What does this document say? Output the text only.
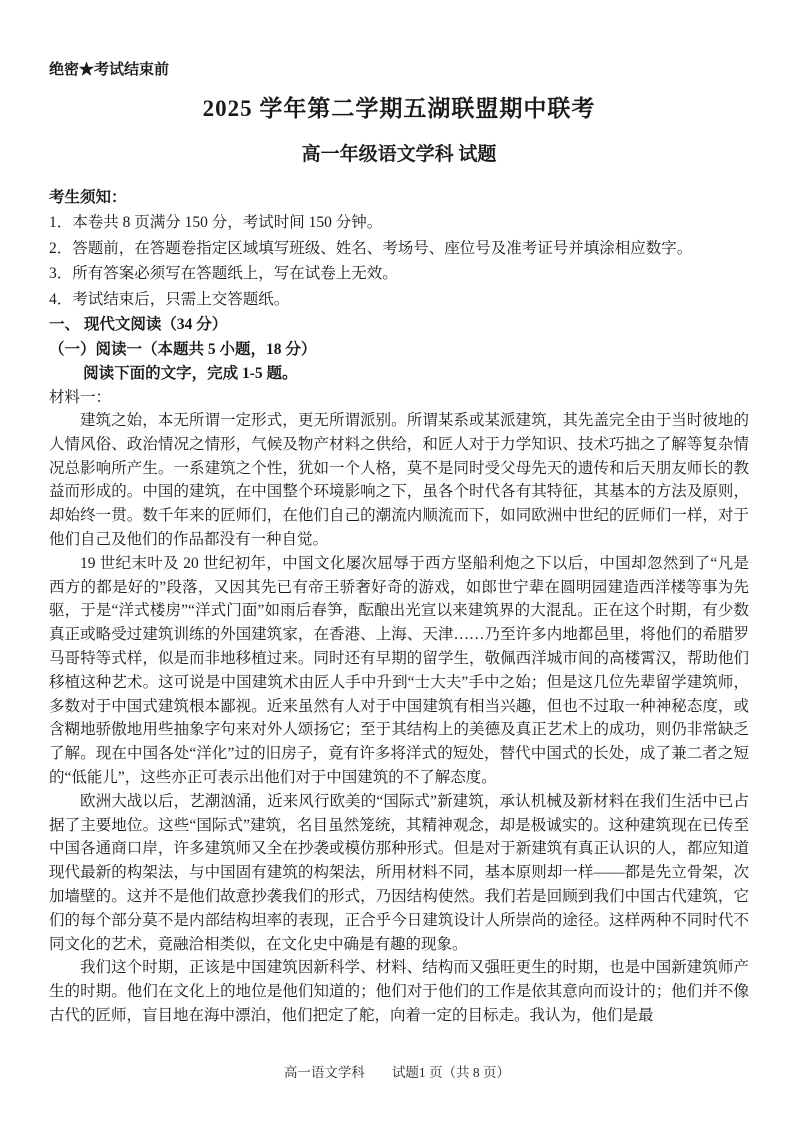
绝密★考试结束前
2025 学年第二学期五湖联盟期中联考
高一年级语文学科 试题
考生须知：
1．本卷共 8 页满分 150 分，考试时间 150 分钟。
2．答题前，在答题卷指定区域填写班级、姓名、考场号、座位号及准考证号并填涂相应数字。
3．所有答案必须写在答题纸上，写在试卷上无效。
4．考试结束后，只需上交答题纸。
一、 现代文阅读（34 分）
（一）阅读一（本题共 5 小题，18 分）
阅读下面的文字，完成 1-5 题。
材料一：

建筑之始，本无所谓一定形式，更无所谓派别。所谓某系或某派建筑，其先盖完全由于当时彼地的人情风俗、政治情况之情形，气候及物产材料之供给，和匠人对于力学知识、技术巧拙之了解等复杂情况总影响所产生。一系建筑之个性，犹如一个人格，莫不是同时受父母先天的遗传和后天朋友师长的教益而形成的。中国的建筑，在中国整个环境影响之下，虽各个时代各有其特征，其基本的方法及原则，却始终一贯。数千年来的匠师们，在他们自己的潮流内顺流而下，如同欧洲中世纪的匠师们一样，对于他们自己及他们的作品都没有一种自觉。

19 世纪末叶及 20 世纪初年，中国文化屡次屈辱于西方坚船利炮之下以后，中国却忽然到了“凡是西方的都是好的”段落，又因其先已有帝王骄奢好奇的游戏，如郎世宁辈在圆明园建造西洋楼等事为先驱，于是“洋式楼房”“洋式门面”如雨后春笋，酝酿出光宣以来建筑界的大混乱。正在这个时期，有少数真正或略受过建筑训练的外国建筑家，在香港、上海、天津……乃至许多内地都邑里，将他们的希腊罗马哥特等式样，似是而非地移植过来。同时还有早期的留学生，敬佩西洋城市间的高楼霄汉，帮助他们移植这种艺术。这可说是中国建筑术由匠人手中升到“士大夫”手中之始；但是这几位先辈留学建筑师，多数对于中国式建筑根本鄙视。近来虽然有人对于中国建筑有相当兴趣，但也不过取一种神秘态度，或含糊地骄傲地用些抽象字句来对外人颂扬它；至于其结构上的美德及真正艺术上的成功，则仍非常缺乏了解。现在中国各处“洋化”过的旧房子，竟有许多将洋式的短处，替代中国式的长处，成了兼二者之短的“低能儿”，这些亦正可表示出他们对于中国建筑的不了解态度。

欧洲大战以后，艺潮汹涌，近来风行欧美的“国际式”新建筑，承认机械及新材料在我们生活中已占据了主要地位。这些“国际式”建筑，名目虽然笼统，其精神观念，却是极诚实的。这种建筑现在已传至中国各通商口岸，许多建筑师又全在抄袭或模仿那种形式。但是对于新建筑有真正认识的人，都应知道现代最新的构架法，与中国固有建筑的构架法，所用材料不同，基本原则却一样——都是先立骨架，次加墙壁的。这并不是他们故意抄袭我们的形式，乃因结构使然。我们若是回顾到我们中国古代建筑，它们的每个部分莫不是内部结构坦率的表现，正合乎今日建筑设计人所崇尚的途径。这样两种不同时代不同文化的艺术，竟融洽相类似，在文化史中确是有趣的现象。

我们这个时期，正该是中国建筑因新科学、材料、结构而又强旺更生的时期，也是中国新建筑师产生的时期。他们在文化上的地位是他们知道的；他们对于他们的工作是依其意向而设计的；他们并不像古代的匠师，盲目地在海中漂泊，他们把定了舵，向着一定的目标走。我认为，他们是最

高一语文学科 试题1 页（共 8 页）
